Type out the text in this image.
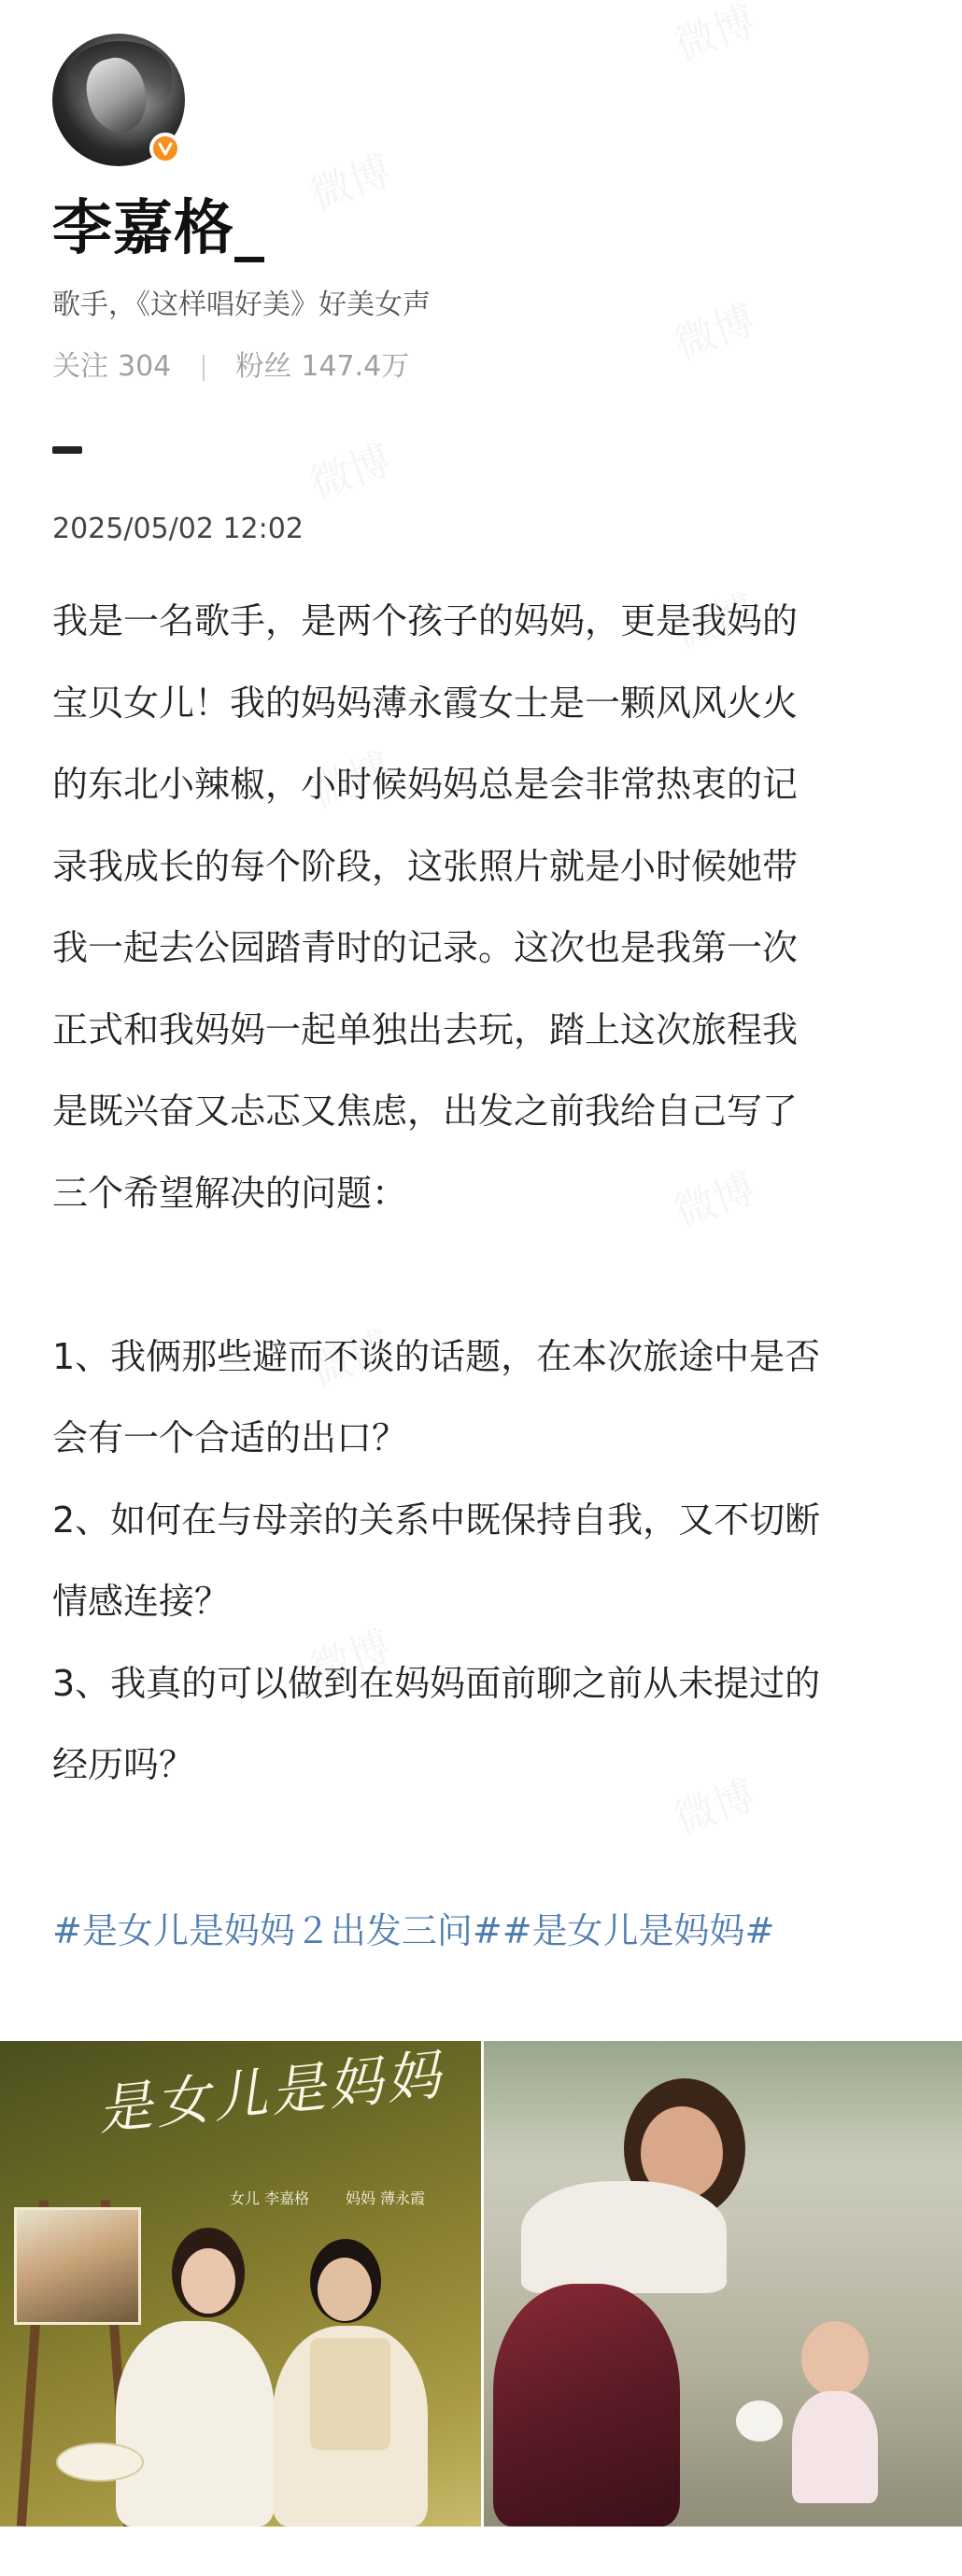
李嘉格_
歌手，《这样唱好美》好美女声
关注 304 粉丝 147.4万
2025/05/02 12:02
我是一名歌手，是两个孩子的妈妈，更是我妈的
宝贝女儿！我的妈妈薄永霞女士是一颗风风火火
的东北小辣椒，小时候妈妈总是会非常热衷的记
录我成长的每个阶段，这张照片就是小时候她带
我一起去公园踏青时的记录。这次也是我第一次
正式和我妈妈一起单独出去玩，踏上这次旅程我
是既兴奋又忐忑又焦虑，出发之前我给自己写了
三个希望解决的问题：
1、我俩那些避而不谈的话题，在本次旅途中是否
会有一个合适的出口？
2、如何在与母亲的关系中既保持自我，又不切断
情感连接？
3、我真的可以做到在妈妈面前聊之前从未提过的
经历吗？
#是女儿是妈妈２出发三问##是女儿是妈妈#
是女儿是妈妈
女儿 李嘉格 妈妈 薄永霞
